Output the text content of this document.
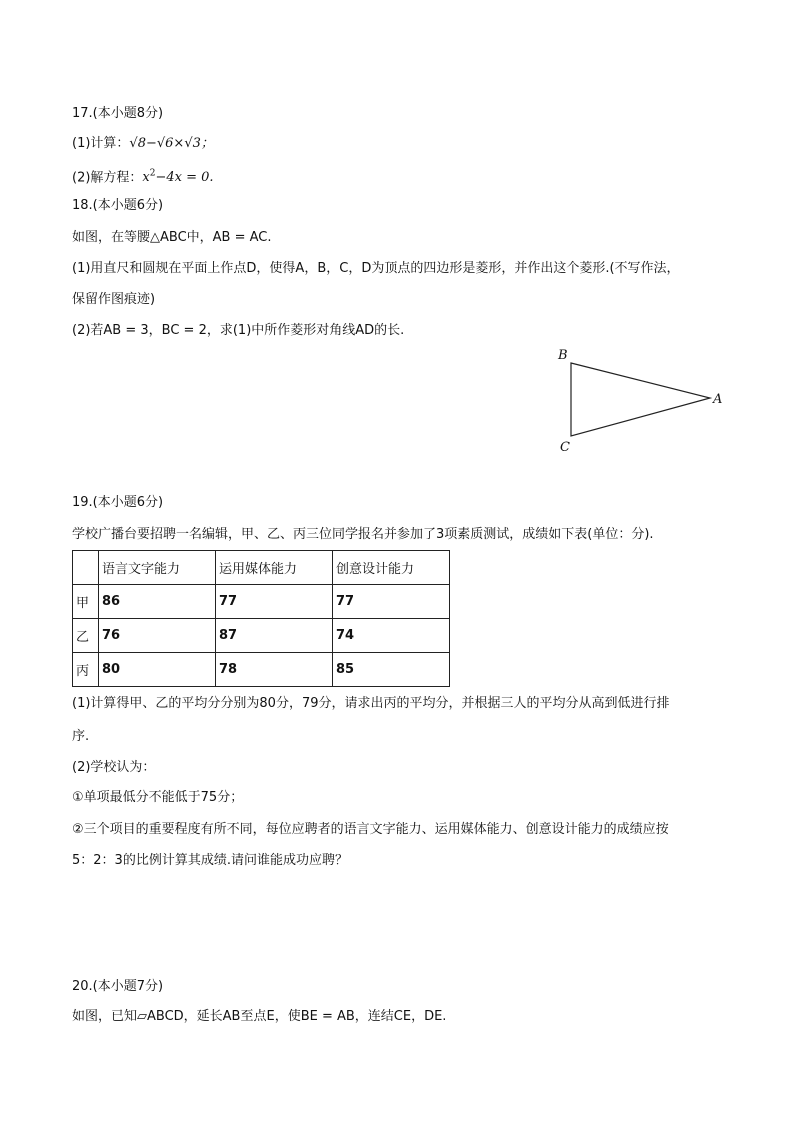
17.(本小题8分)
(1)计算：√8−√6×√3；
(2)解方程：$x^2-4x = 0$.
18.(本小题6分)
如图，在等腰△ABC中，AB = AC.
(1)用直尺和圆规在平面上作点D，使得A，B，C，D为顶点的四边形是菱形，并作出这个菱形.(不写作法，
保留作图痕迹)
(2)若AB = 3，BC = 2，求(1)中所作菱形对角线AD的长.
B
A
C
19.(本小题6分)
学校广播台要招聘一名编辑，甲、乙、丙三位同学报名并参加了3项素质测试，成绩如下表(单位：分).
	语言文字能力	运用媒体能力	创意设计能力
甲	86	77	77
乙	76	87	74
丙	80	78	85
(1)计算得甲、乙的平均分分别为80分，79分，请求出丙的平均分，并根据三人的平均分从高到低进行排
序.
(2)学校认为：
①单项最低分不能低于75分；
②三个项目的重要程度有所不同，每位应聘者的语言文字能力、运用媒体能力、创意设计能力的成绩应按
5：2：3的比例计算其成绩.请问谁能成功应聘？
20.(本小题7分)
如图，已知▱ABCD，延长AB至点E，使BE = AB，连结CE，DE.
